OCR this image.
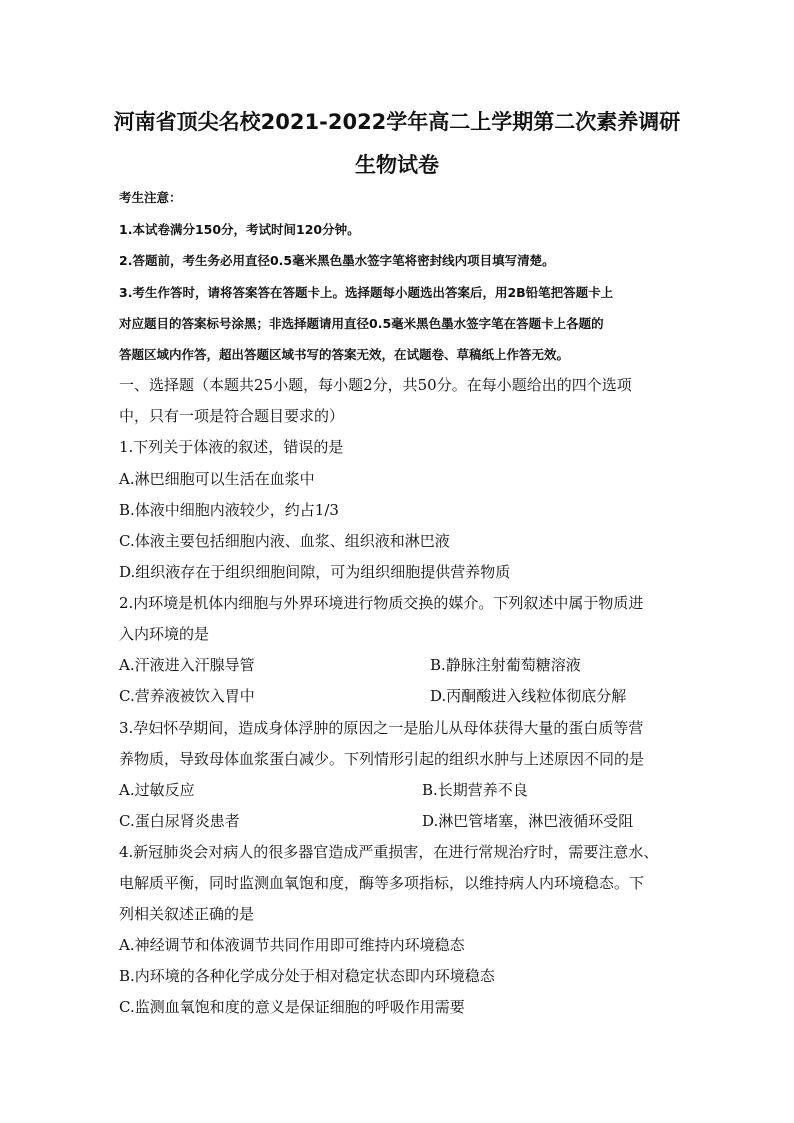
河南省顶尖名校2021-2022学年高二上学期第二次素养调研
生物试卷
考生注意：
1.本试卷满分150分，考试时间120分钟。
2.答题前，考生务必用直径0.5毫米黑色墨水签字笔将密封线内项目填写清楚。
3.考生作答时，请将答案答在答题卡上。选择题每小题选出答案后，用2B铅笔把答题卡上
对应题目的答案标号涂黑；非选择题请用直径0.5毫米黑色墨水签字笔在答题卡上各题的
答题区域内作答，超出答题区域书写的答案无效，在试题卷、草稿纸上作答无效。
一、选择题（本题共25小题，每小题2分，共50分。在每小题给出的四个选项
中，只有一项是符合题目要求的）
1.下列关于体液的叙述，错误的是
A.淋巴细胞可以生活在血浆中
B.体液中细胞内液较少，约占1/3
C.体液主要包括细胞内液、血浆、组织液和淋巴液
D.组织液存在于组织细胞间隙，可为组织细胞提供营养物质
2.内环境是机体内细胞与外界环境进行物质交换的媒介。下列叙述中属于物质进
入内环境的是
A.汗液进入汗腺导管	B.静脉注射葡萄糖溶液
C.营养液被饮入胃中	D.丙酮酸进入线粒体彻底分解
3.孕妇怀孕期间，造成身体浮肿的原因之一是胎儿从母体获得大量的蛋白质等营
养物质，导致母体血浆蛋白减少。下列情形引起的组织水肿与上述原因不同的是
A.过敏反应	B.长期营养不良
C.蛋白尿肾炎患者	D.淋巴管堵塞，淋巴液循环受阻
4.新冠肺炎会对病人的很多器官造成严重损害，在进行常规治疗时，需要注意水、
电解质平衡，同时监测血氧饱和度，酶等多项指标，以维持病人内环境稳态。下
列相关叙述正确的是
A.神经调节和体液调节共同作用即可维持内环境稳态
B.内环境的各种化学成分处于相对稳定状态即内环境稳态
C.监测血氧饱和度的意义是保证细胞的呼吸作用需要
